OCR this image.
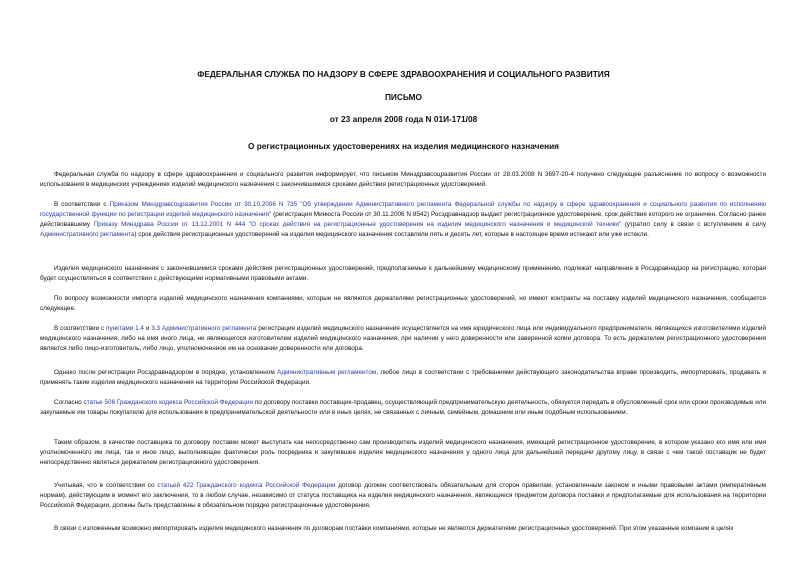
ФЕДЕРАЛЬНАЯ СЛУЖБА ПО НАДЗОРУ В СФЕРЕ ЗДРАВООХРАНЕНИЯ И СОЦИАЛЬНОГО РАЗВИТИЯ
ПИСЬМО
от 23 апреля 2008 года N 01И-171/08
О регистрационных удостоверениях на изделия медицинского назначения

Федеральная служба по надзору в сфере здравоохранения и социального развития информирует, что письмом Минздравсоцразвития России от 28.03.2008 N 3697-20-4 получено следующее разъяснение по вопросу о возможности использования в медицинских учреждениях изделий медицинского назначения с закончившимися сроками действия регистрационных удостоверений.

В соответствии с Приказом Минздравсоцразвития России от 30.10.2006 N 735 "Об утверждении Административного регламента Федеральной службы по надзору в сфере здравоохранения и социального развития по исполнению государственной функции по регистрации изделий медицинского назначения" (регистрация Минюста России от 30.11.2006 N 8542) Росздравнадзор выдает регистрационное удостоверение, срок действия которого не ограничен. Согласно ранее действовавшему Приказу Минздрава России от 13.12.2001 N 444 "О сроках действия на регистрационные удостоверения на изделия медицинского назначения и медицинской техники" (утратил силу в связи с вступлением в силу Административного регламента) срок действия регистрационных удостоверений на изделия медицинского назначения составляли пять и десять лет, которые в настоящее время истекают или уже истекли.

Изделия медицинского назначения с закончившимися сроками действия регистрационных удостоверений, предполагаемые к дальнейшему медицинскому применению, подлежат направление в Росздравнадзор на регистрацию, которая будет осуществляться в соответствии с действующими нормативными правовыми актами.

По вопросу возможности импорта изделий медицинского назначения компаниями, которые не являются держателями регистрационных удостоверений, но имеют контракты на поставку изделий медицинского назначения, сообщается следующее.

В соответствии с пунктами 1.4 и 3.3 Административного регламента регистрация изделий медицинского назначения осуществляется на имя юридического лица или индивидуального предпринимателя, являющихся изготовителями изделий медицинского назначения, либо на имя иного лица, не являющегося изготовителем изделий медицинского назначения, при наличии у него доверенности или заверенной копии договора. То есть держателем регистрационного удостоверения является либо лицо-изготовитель, либо лицо, уполномоченное им на основании доверенности или договора.

Однако после регистрации Росздравнадзором в порядке, установленном Административным регламентом, любое лицо в соответствии с требованиями действующего законодательства вправе производить, импортировать, продавать и применять такие изделия медицинского назначения на территории Российской Федерации.

Согласно статье 506 Гражданского кодекса Российской Федерации по договору поставки поставщик-продавец, осуществляющий предпринимательскую деятельность, обязуется передать в обусловленный срок или сроки производимые или закупаемые им товары покупателю для использования в предпринимательской деятельности или в иных целях, не связанных с личным, семейным, домашним или иным подобным использованием.

Таким образом, в качестве поставщика по договору поставки может выступать как непосредственно сам производитель изделий медицинского назначения, имеющий регистрационное удостоверение, в котором указано его имя или имя уполномоченного им лица, так и иное лицо, выполняющее фактически роль посредника и закупившее изделия медицинского назначения у одного лица для дальнейшей передачи другому лицу, в связи с чем такой поставщик не будет непосредственно являться держателем регистрационного удостоверения.

Учитывая, что в соответствии со статьей 422 Гражданского кодекса Российской Федерации договор должен соответствовать обязательным для сторон правилам, установленным законом и иными правовыми актами (императивным нормам), действующим в момент его заключения, то в любом случае, независимо от статуса поставщика на изделия медицинского назначения, являющиеся предметом договора поставки и предполагаемые для использования на территории Российской Федерации, должны быть представлены в обязательном порядке регистрационные удостоверения.

В связи с изложенным возможно импортировать изделия медицинского назначения по договорам поставки компаниями, которые не являются держателями регистрационных удостоверений. При этом указанные компании в целях
